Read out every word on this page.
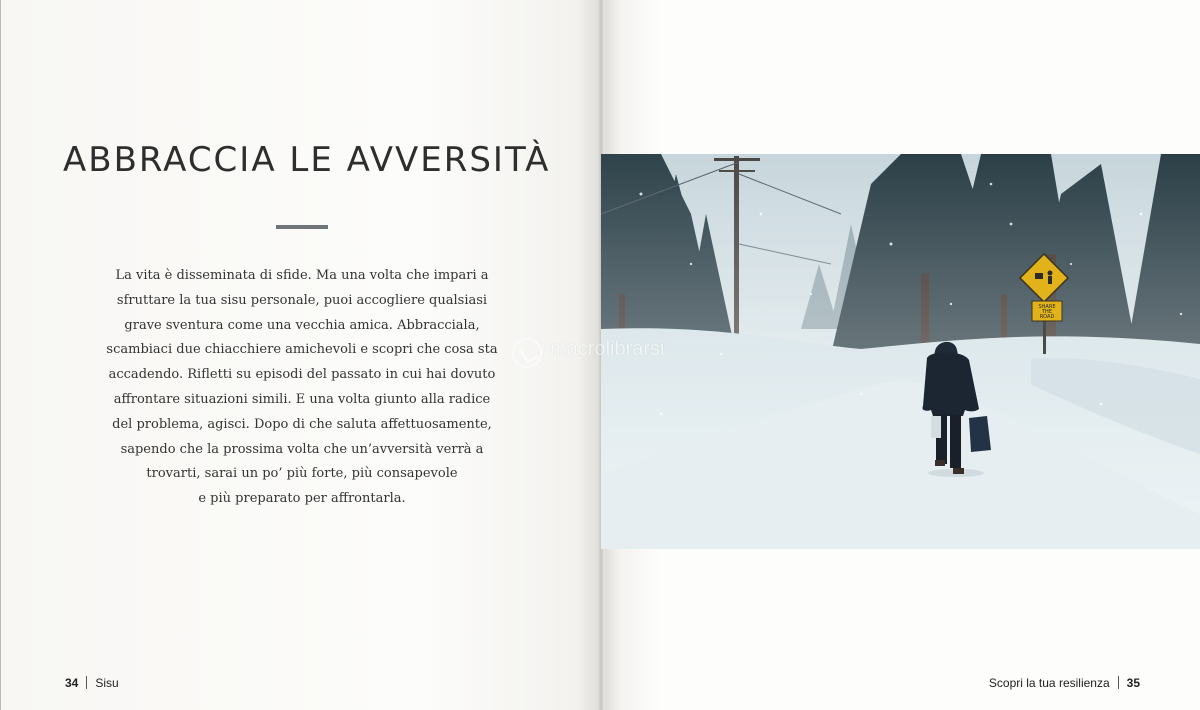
ABBRACCIA LE AVVERSITÀ

La vita è disseminata di sfide. Ma una volta che impari a
sfruttare la tua sisu personale, puoi accogliere qualsiasi
grave sventura come una vecchia amica. Abbracciala,
scambiaci due chiacchiere amichevoli e scopri che cosa sta
accadendo. Rifletti su episodi del passato in cui hai dovuto
affrontare situazioni simili. E una volta giunto alla radice
del problema, agisci. Dopo di che saluta affettuosamente,
sapendo che la prossima volta che un’avversità verrà a
trovarti, sarai un po’ più forte, più consapevole
e più preparato per affrontarla.

34 Sisu	Scopri la tua resilienza 35
SHARE
THE
ROAD
macrolibrarsi
